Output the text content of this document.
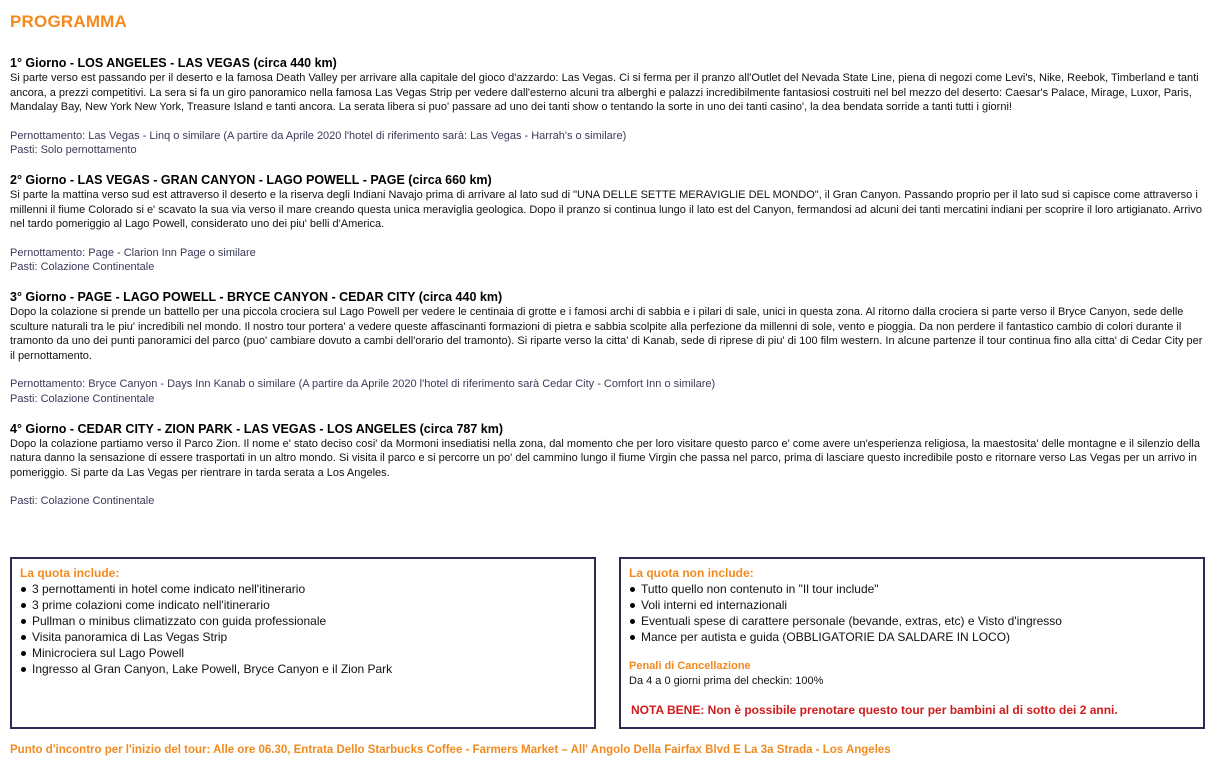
PROGRAMMA
1° Giorno - LOS ANGELES - LAS VEGAS (circa 440 km)
Si parte verso est passando per il deserto e la famosa Death Valley per arrivare alla capitale del gioco d'azzardo: Las Vegas. Ci si ferma per il pranzo all'Outlet del Nevada State Line, piena di negozi come Levi's, Nike, Reebok, Timberland e tanti ancora, a prezzi competitivi. La sera si fa un giro panoramico nella famosa Las Vegas Strip per vedere dall'esterno alcuni tra alberghi e palazzi incredibilmente fantasiosi costruiti nel bel mezzo del deserto: Caesar's Palace, Mirage, Luxor, Paris, Mandalay Bay, New York New York, Treasure Island e tanti ancora. La serata libera si puo' passare ad uno dei tanti show o tentando la sorte in uno dei tanti casino', la dea bendata sorride a tanti tutti i giorni!
Pernottamento: Las Vegas - Linq o similare (A partire da Aprile 2020 l'hotel di riferimento sarà: Las Vegas - Harrah's o similare)
Pasti: Solo pernottamento
2° Giorno - LAS VEGAS - GRAN CANYON - LAGO POWELL - PAGE (circa 660 km)
Si parte la mattina verso sud est attraverso il deserto e la riserva degli Indiani Navajo prima di arrivare al lato sud di "UNA DELLE SETTE MERAVIGLIE DEL MONDO", il Gran Canyon. Passando proprio per il lato sud si capisce come attraverso i millenni il fiume Colorado si e' scavato la sua via verso il mare creando questa unica meraviglia geologica. Dopo il pranzo si continua lungo il lato est del Canyon, fermandosi ad alcuni dei tanti mercatini indiani per scoprire il loro artigianato. Arrivo nel tardo pomeriggio al Lago Powell, considerato uno dei piu' belli d'America.
Pernottamento: Page - Clarion Inn Page o similare
Pasti: Colazione Continentale
3° Giorno - PAGE - LAGO POWELL - BRYCE CANYON - CEDAR CITY (circa 440 km)
Dopo la colazione si prende un battello per una piccola crociera sul Lago Powell per vedere le centinaia di grotte e i famosi archi di sabbia e i pilari di sale, unici in questa zona. Al ritorno dalla crociera si parte verso il Bryce Canyon, sede delle sculture naturali tra le piu' incredibili nel mondo. Il nostro tour portera' a vedere queste affascinanti formazioni di pietra e sabbia scolpite alla perfezione da millenni di sole, vento e pioggia. Da non perdere il fantastico cambio di colori durante il tramonto da uno dei punti panoramici del parco (puo' cambiare dovuto a cambi dell'orario del tramonto). Si riparte verso la citta' di Kanab, sede di riprese di piu' di 100 film western. In alcune partenze il tour continua fino alla citta' di Cedar City per il pernottamento.
Pernottamento: Bryce Canyon - Days Inn Kanab o similare (A partire da Aprile 2020 l'hotel di riferimento sarà Cedar City - Comfort Inn o similare)
Pasti: Colazione Continentale
4° Giorno - CEDAR CITY - ZION PARK - LAS VEGAS - LOS ANGELES (circa 787 km)
Dopo la colazione partiamo verso il Parco Zion. Il nome e' stato deciso cosi' da Mormoni insediatisi nella zona, dal momento che per loro visitare questo parco e' come avere un'esperienza religiosa, la maestosita' delle montagne e il silenzio della natura danno la sensazione di essere trasportati in un altro mondo. Si visita il parco e si percorre un po' del cammino lungo il fiume Virgin che passa nel parco, prima di lasciare questo incredibile posto e ritornare verso Las Vegas per un arrivo in pomeriggio. Si parte da Las Vegas per rientrare in tarda serata a Los Angeles.
Pasti: Colazione Continentale
La quota include:
3 pernottamenti in hotel come indicato nell'itinerario
3 prime colazioni come indicato nell'itinerario
Pullman o minibus climatizzato con guida professionale
Visita panoramica di Las Vegas Strip
Minicrociera sul Lago Powell
Ingresso al Gran Canyon, Lake Powell, Bryce Canyon e il Zion Park
La quota non include:
Tutto quello non contenuto in "Il tour include"
Voli interni ed internazionali
Eventuali spese di carattere personale (bevande, extras, etc) e Visto d'ingresso
Mance per autista e guida (OBBLIGATORIE DA SALDARE IN LOCO)
Penali di Cancellazione
Da 4 a 0 giorni prima del checkin: 100%
NOTA BENE: Non è possibile prenotare questo tour per bambini al di sotto dei 2 anni.
Punto d'incontro per l'inizio del tour: Alle ore 06.30, Entrata Dello Starbucks Coffee - Farmers Market – All' Angolo Della Fairfax Blvd E La 3a Strada - Los Angeles
